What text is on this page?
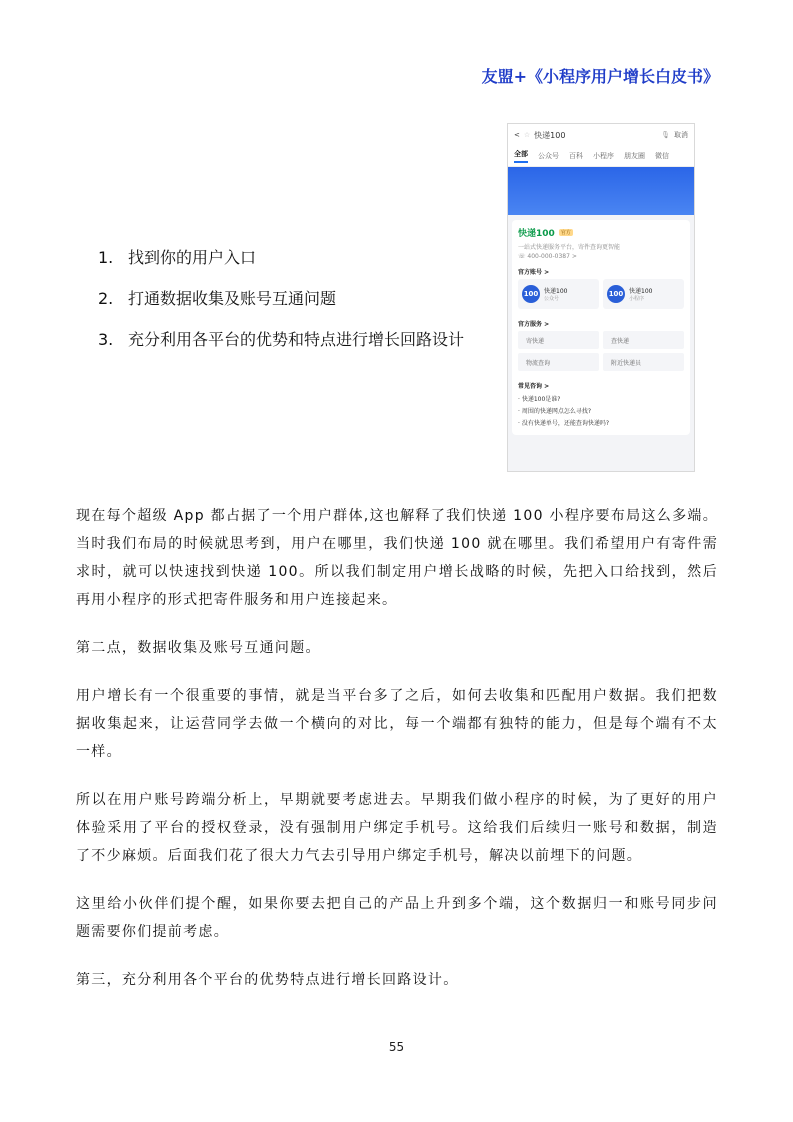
友盟+《小程序用户增长白皮书》
1. 找到你的用户入口
2. 打通数据收集及账号互通问题
3. 充分利用各平台的优势和特点进行增长回路设计
< ☆ 快递100	🎙 取消
全部 公众号 百科 小程序 朋友圈 微信
快递100	官方
一站式快递服务平台，寄件查询更智能
☏ 400-000-0387 >
官方账号 >
100 快递100
公众号
100 快递100
小程序
官方服务 >
寄快递	查快递
物流查询	附近快递员
常见咨询 >
· 快递100是谁?
· 周围的快递网点怎么寻找?
· 没有快递单号，还能查询快递吗?
现在每个超级 App 都占据了一个用户群体,这也解释了我们快递 100 小程序要布局这么多端。当时我们布局的时候就思考到，用户在哪里，我们快递 100 就在哪里。我们希望用户有寄件需求时，就可以快速找到快递 100。所以我们制定用户增长战略的时候，先把入口给找到，然后再用小程序的形式把寄件服务和用户连接起来。
第二点，数据收集及账号互通问题。
用户增长有一个很重要的事情，就是当平台多了之后，如何去收集和匹配用户数据。我们把数据收集起来，让运营同学去做一个横向的对比，每一个端都有独特的能力，但是每个端有不太一样。
所以在用户账号跨端分析上，早期就要考虑进去。早期我们做小程序的时候，为了更好的用户体验采用了平台的授权登录，没有强制用户绑定手机号。这给我们后续归一账号和数据，制造了不少麻烦。后面我们花了很大力气去引导用户绑定手机号，解决以前埋下的问题。
这里给小伙伴们提个醒，如果你要去把自己的产品上升到多个端，这个数据归一和账号同步问题需要你们提前考虑。
第三，充分利用各个平台的优势特点进行增长回路设计。
55
